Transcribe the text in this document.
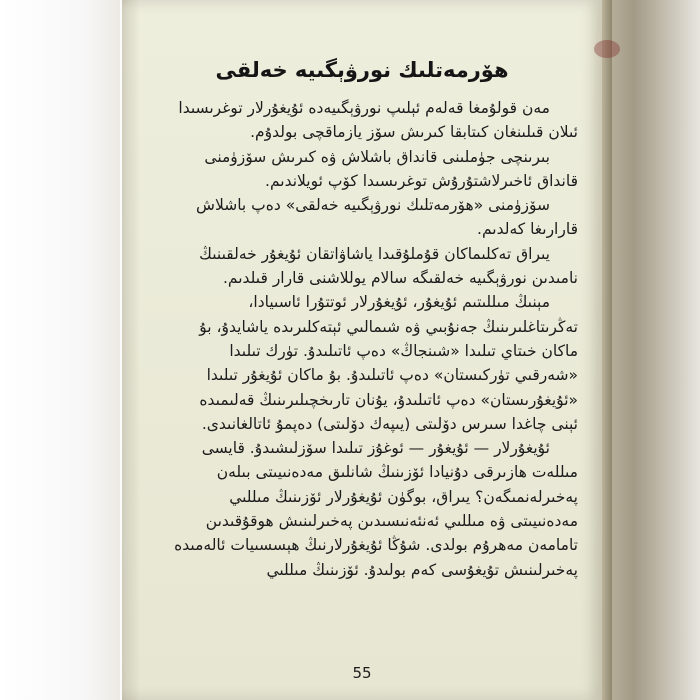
ھۆرمەتلىك نورۋېگىيە خەلقى
مەن قولۇمغا قەلەم ئېلىپ نورۋېگىيەدە ئۇيغۇرلار توغرىسىدا
ئىلان قىلىنغان كىتابقا كىرىش سۆز يازماقچى بولدۇم.
بىرىنچى جۈملىنى قانداق باشلاش ۋە كىرىش سۆزۈمنى
قانداق ئاخىرلاشتۇرۇش توغرىسىدا كۆپ ئويلاندىم.
سۆزۈمنى «ھۆرمەتلىك نورۋېگىيە خەلقى» دەپ باشلاش
قارارىغا كەلدىم.
يىراق تەكلىماكان قۇملۇقىدا ياشاۋاتقان ئۇيغۇر خەلقىنىڭ
نامىدىن نورۋېگىيە خەلقىگە سالام يوللاشنى قارار قىلدىم.
مېنىڭ مىللىتىم ئۇيغۇر، ئۇيغۇرلار ئوتتۇرا ئاسىيادا،
تەڭرىتاغلىرىنىڭ جەنۇبىي ۋە شىمالىي ئېتەكلىرىدە ياشايدۇ، بۇ
ماكان خىتاي تىلىدا «شىنجاڭ» دەپ ئاتىلىدۇ. تۈرك تىلىدا
«شەرقىي تۈركىستان» دەپ ئاتىلىدۇ. بۇ ماكان ئۇيغۇر تىلىدا
«ئۇيغۇرىستان» دەپ ئاتىلىدۇ، يۇنان تارىخچىلىرىنىڭ قەلىمىدە
ئېنى چاغدا سىرس دۆلىتى (يىپەك دۆلىتى) دەپمۇ ئاتالغانىدى.
ئۇيغۇرلار — ئۇيغۇر — ئوغۇز تىلىدا سۆزلىشىدۇ. قايسى
مىللەت ھازىرقى دۇنيادا ئۆزىنىڭ شانلىق مەدەنىيىتى بىلەن
پەخىرلەنمىگەن؟ يىراق، بوگۈن ئۇيغۇرلار ئۆزىنىڭ مىللىي
مەدەنىيىتى ۋە مىللىي ئەنئەنىسىدىن پەخىرلىنىش ھوقۇقىدىن
تامامەن مەھرۇم بولدى. شۇڭا ئۇيغۇرلارنىڭ ھېسسىيات ئالەمىدە
پەخىرلىنىش تۇيغۇسى كەم بولىدۇ. ئۆزىنىڭ مىللىي
55
